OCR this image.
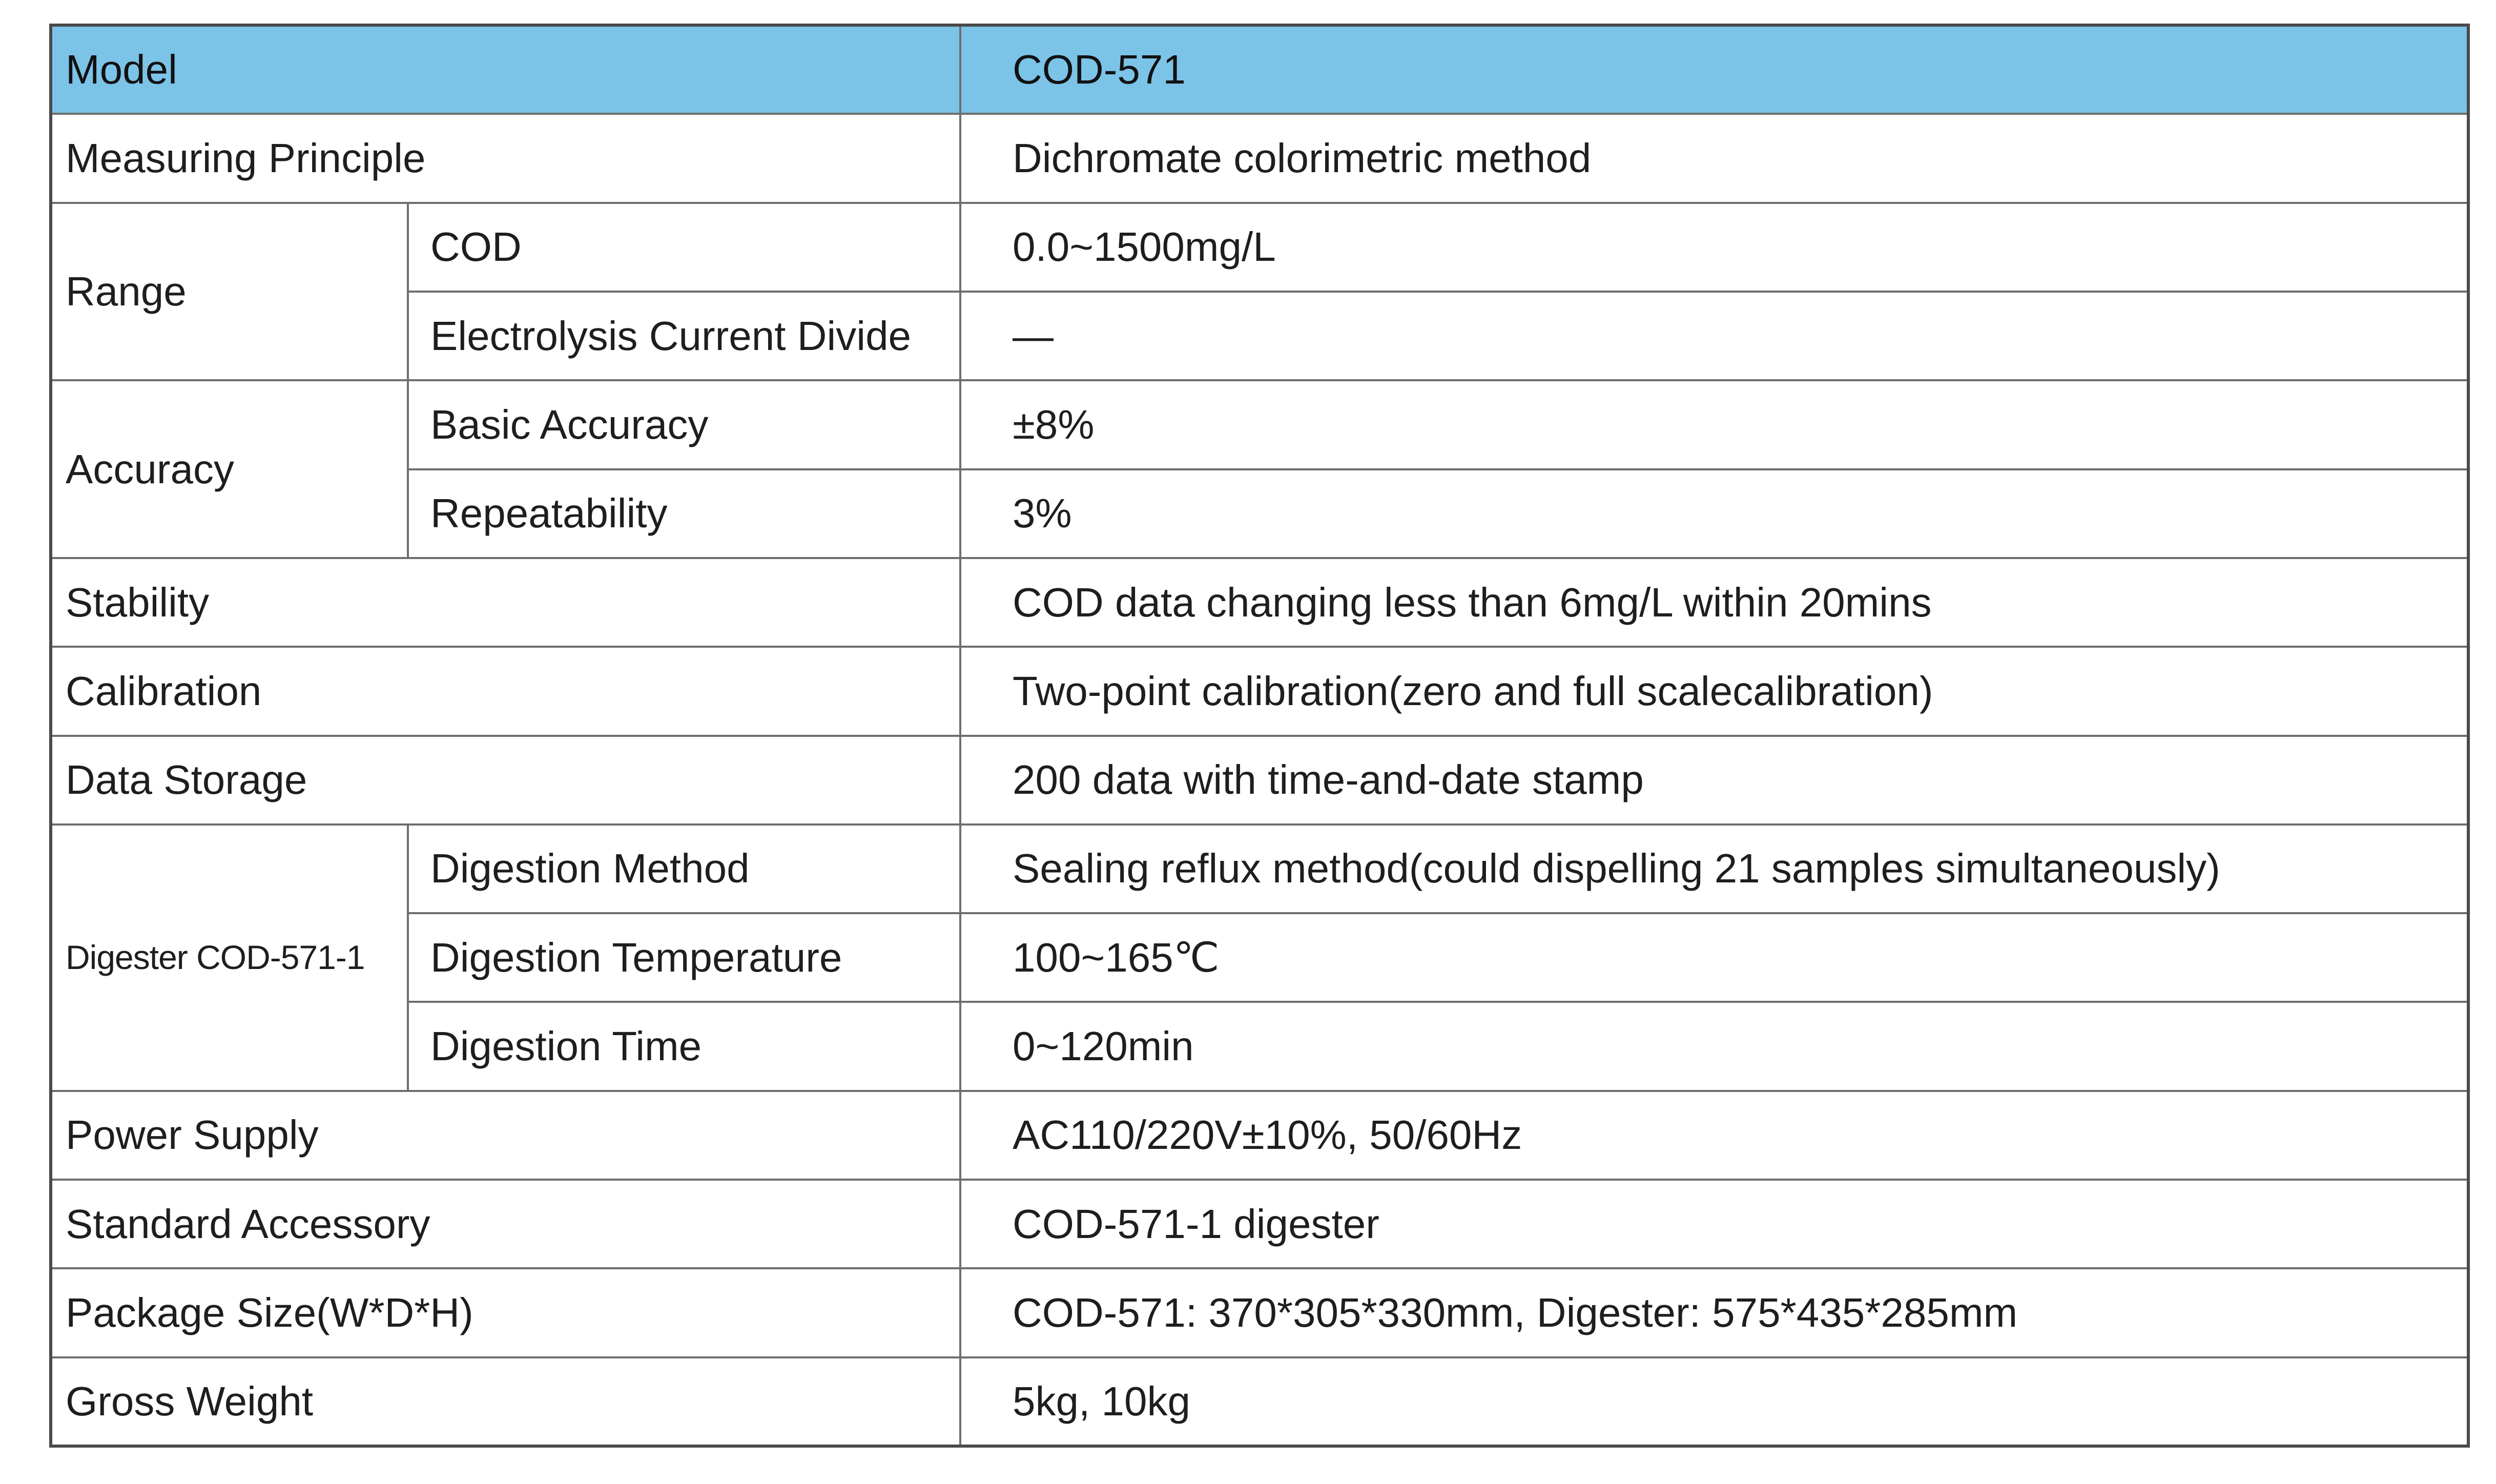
Model		COD-571
Measuring Principle		Dichromate colorimetric method
Range	COD	0.0~1500mg/L
	Electrolysis Current Divide	—
Accuracy	Basic Accuracy	±8%
	Repeatability	3%
Stability		COD data changing less than 6mg/L within 20mins
Calibration		Two-point calibration(zero and full scalecalibration)
Data Storage		200 data with time-and-date stamp
Digester COD-571-1	Digestion Method	Sealing reflux method(could dispelling 21 samples simultaneously)
	Digestion Temperature	100~165℃
	Digestion Time	0~120min
Power Supply		AC110/220V±10%, 50/60Hz
Standard Accessory		COD-571-1 digester
Package Size(W*D*H)		COD-571: 370*305*330mm, Digester: 575*435*285mm
Gross Weight		5kg, 10kg
